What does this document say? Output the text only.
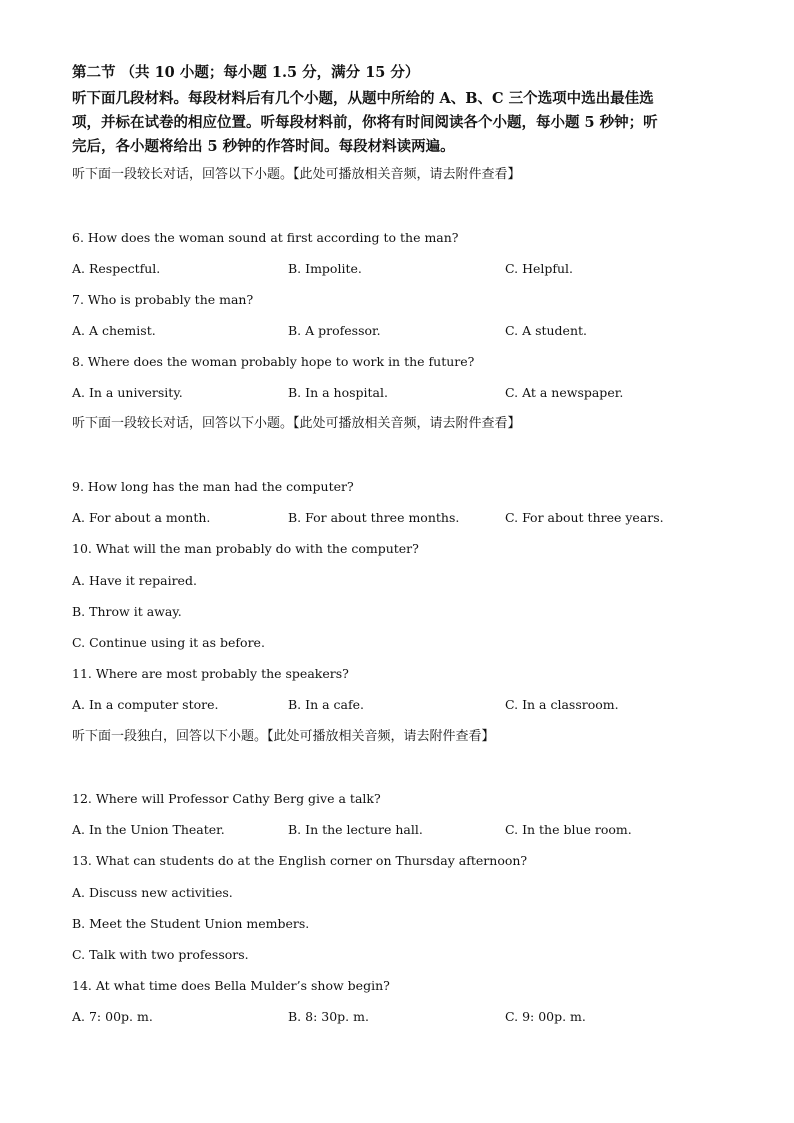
第二节 （共 10 小题；每小题 1.5 分，满分 15 分）
听下面几段材料。每段材料后有几个小题，从题中所给的 A、B、C 三个选项中选出最佳选
项，并标在试卷的相应位置。听每段材料前，你将有时间阅读各个小题，每小题 5 秒钟；听
完后，各小题将给出 5 秒钟的作答时间。每段材料读两遍。
听下面一段较长对话，回答以下小题。【此处可播放相关音频，请去附件查看】
6. How does the woman sound at first according to the man?
A. Respectful.	B. Impolite.	C. Helpful.
7. Who is probably the man?
A. A chemist.	B. A professor.	C. A student.
8. Where does the woman probably hope to work in the future?
A. In a university.	B. In a hospital.	C. At a newspaper.
听下面一段较长对话，回答以下小题。【此处可播放相关音频，请去附件查看】
9. How long has the man had the computer?
A. For about a month.	B. For about three months.	C. For about three years.
10. What will the man probably do with the computer?
A. Have it repaired.
B. Throw it away.
C. Continue using it as before.
11. Where are most probably the speakers?
A. In a computer store.	B. In a cafe.	C. In a classroom.
听下面一段独白，回答以下小题。【此处可播放相关音频，请去附件查看】
12. Where will Professor Cathy Berg give a talk?
A. In the Union Theater.	B. In the lecture hall.	C. In the blue room.
13. What can students do at the English corner on Thursday afternoon?
A. Discuss new activities.
B. Meet the Student Union members.
C. Talk with two professors.
14. At what time does Bella Mulder’s show begin?
A. 7: 00p. m.	B. 8: 30p. m.	C. 9: 00p. m.
